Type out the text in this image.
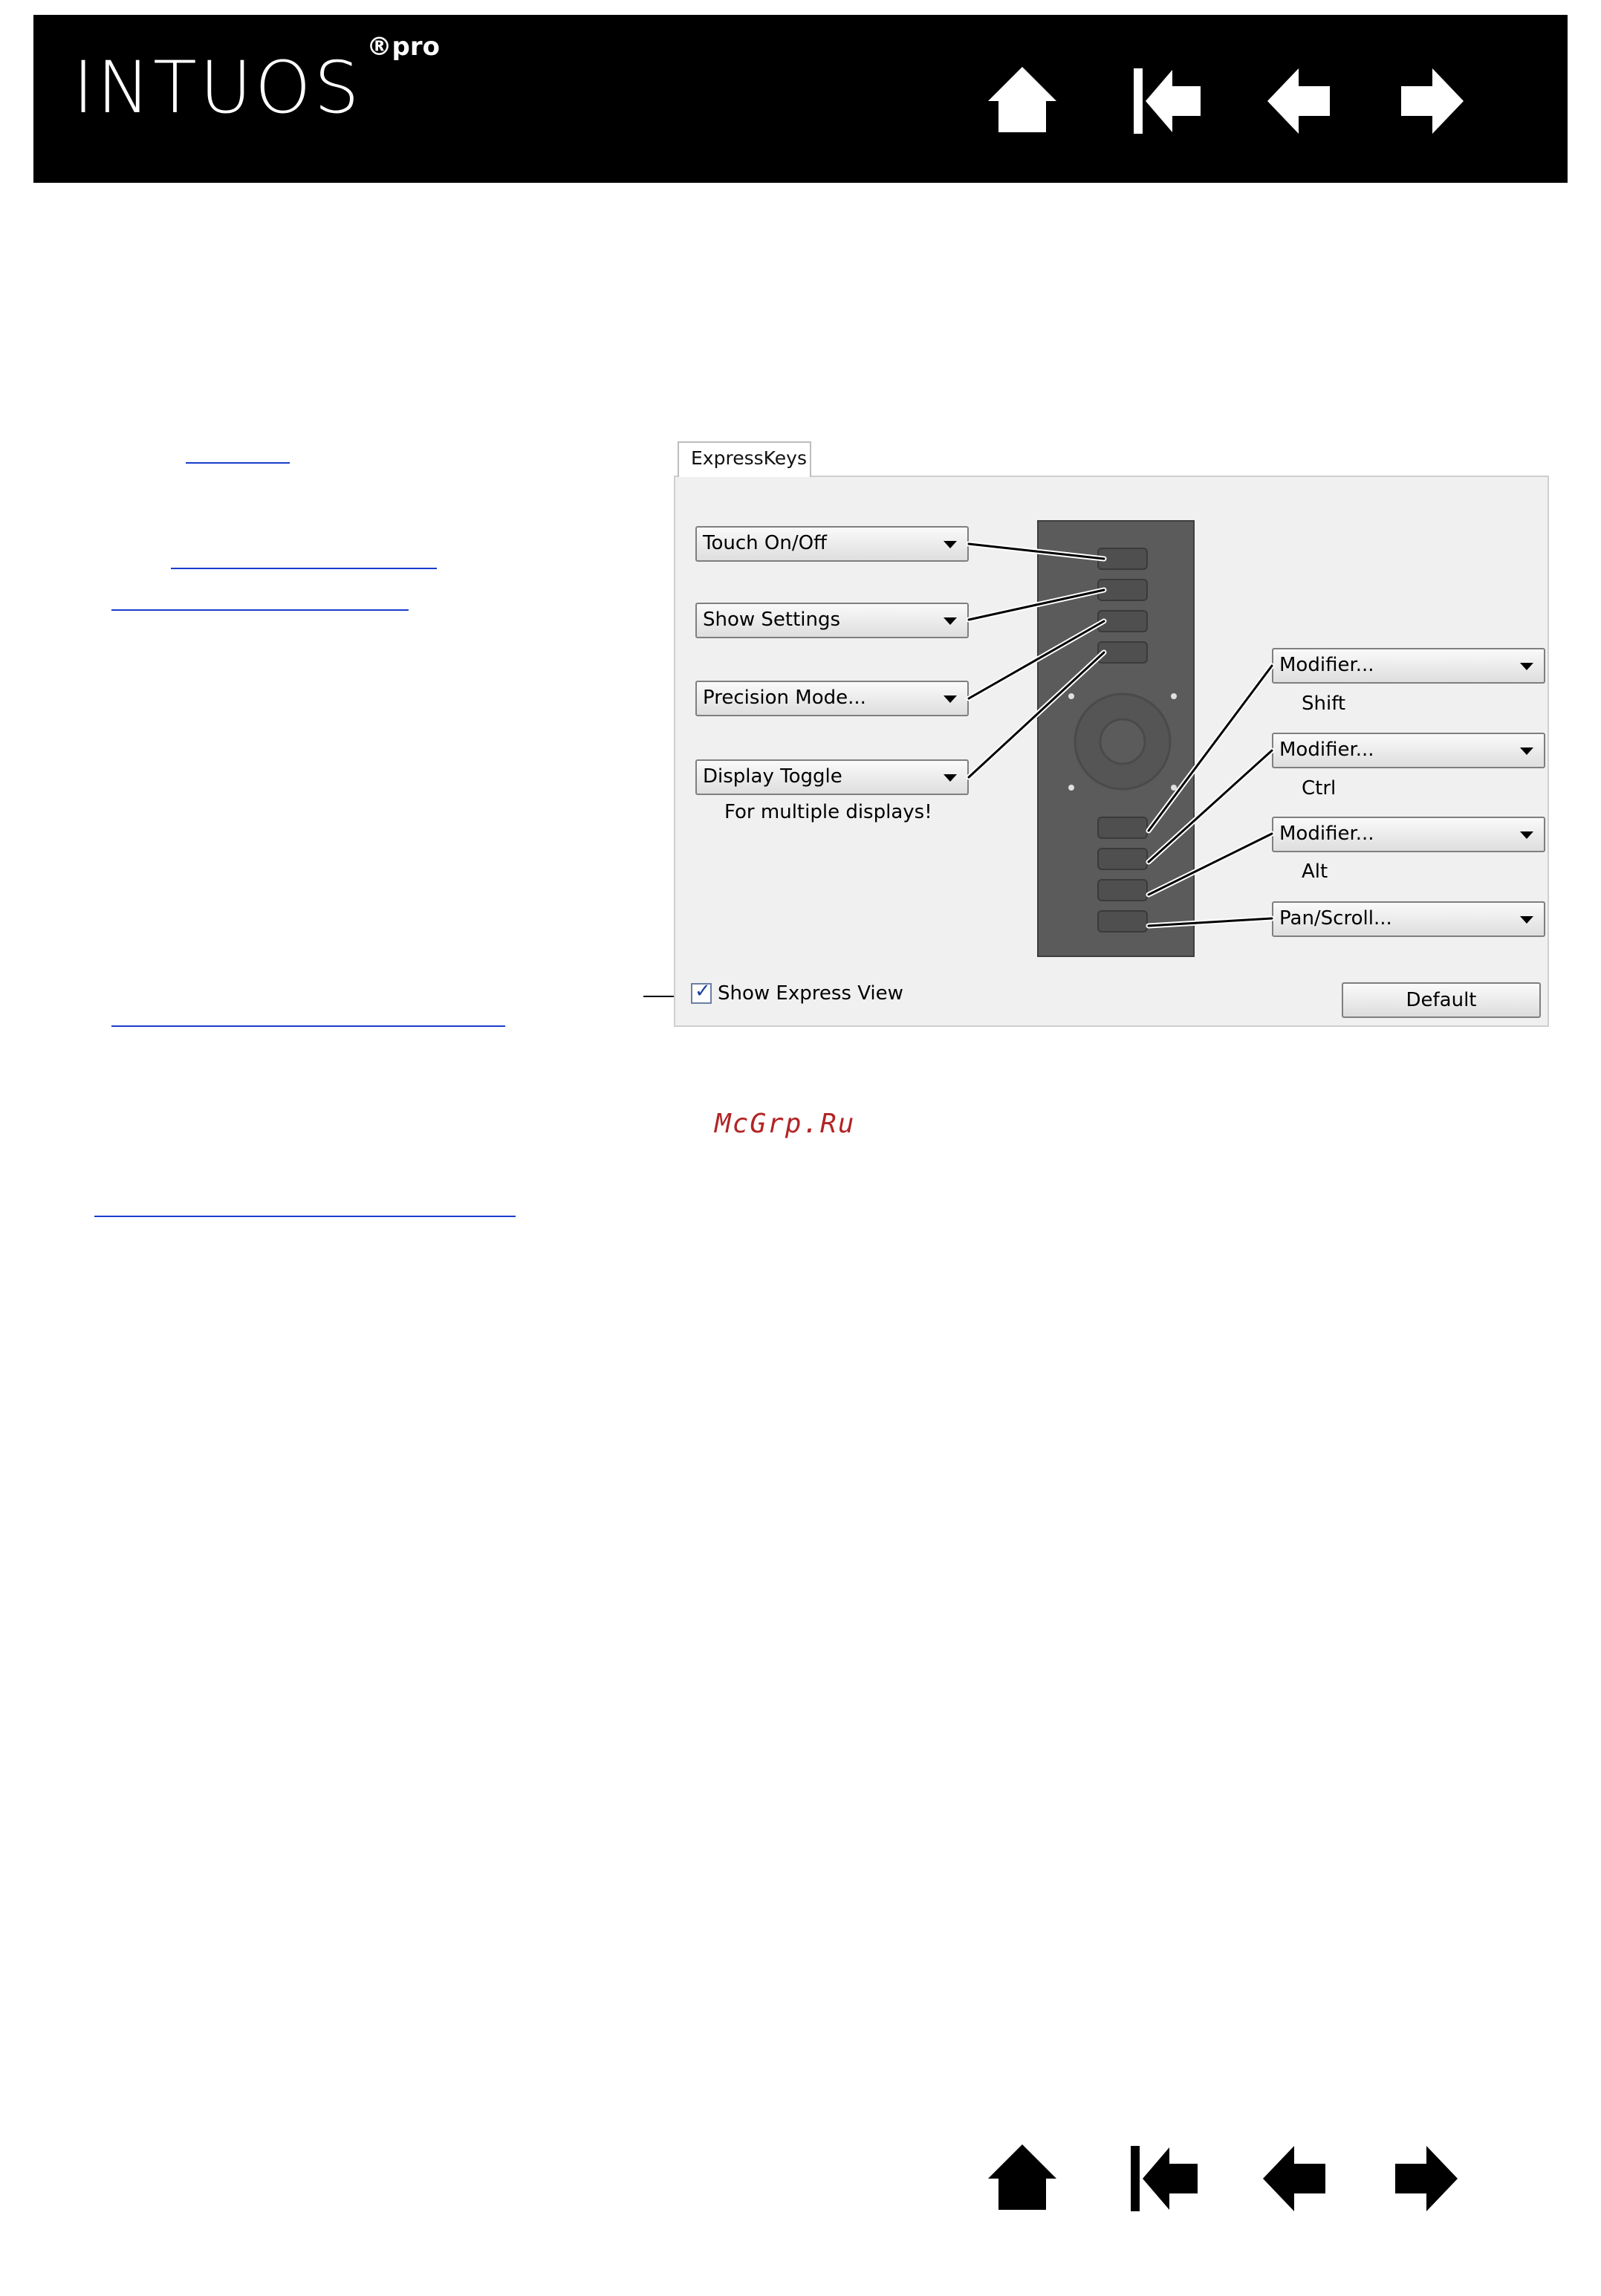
INTUOS $^{®pro}$
ExpressKeys
Touch On/Off
Show Settings
Precision Mode...
Display Toggle
For multiple displays!
Modifier...
Shift
Modifier...
Ctrl
Modifier...
Alt
Pan/Scroll...
✓ Show Express View	Default
McGrp.Ru
